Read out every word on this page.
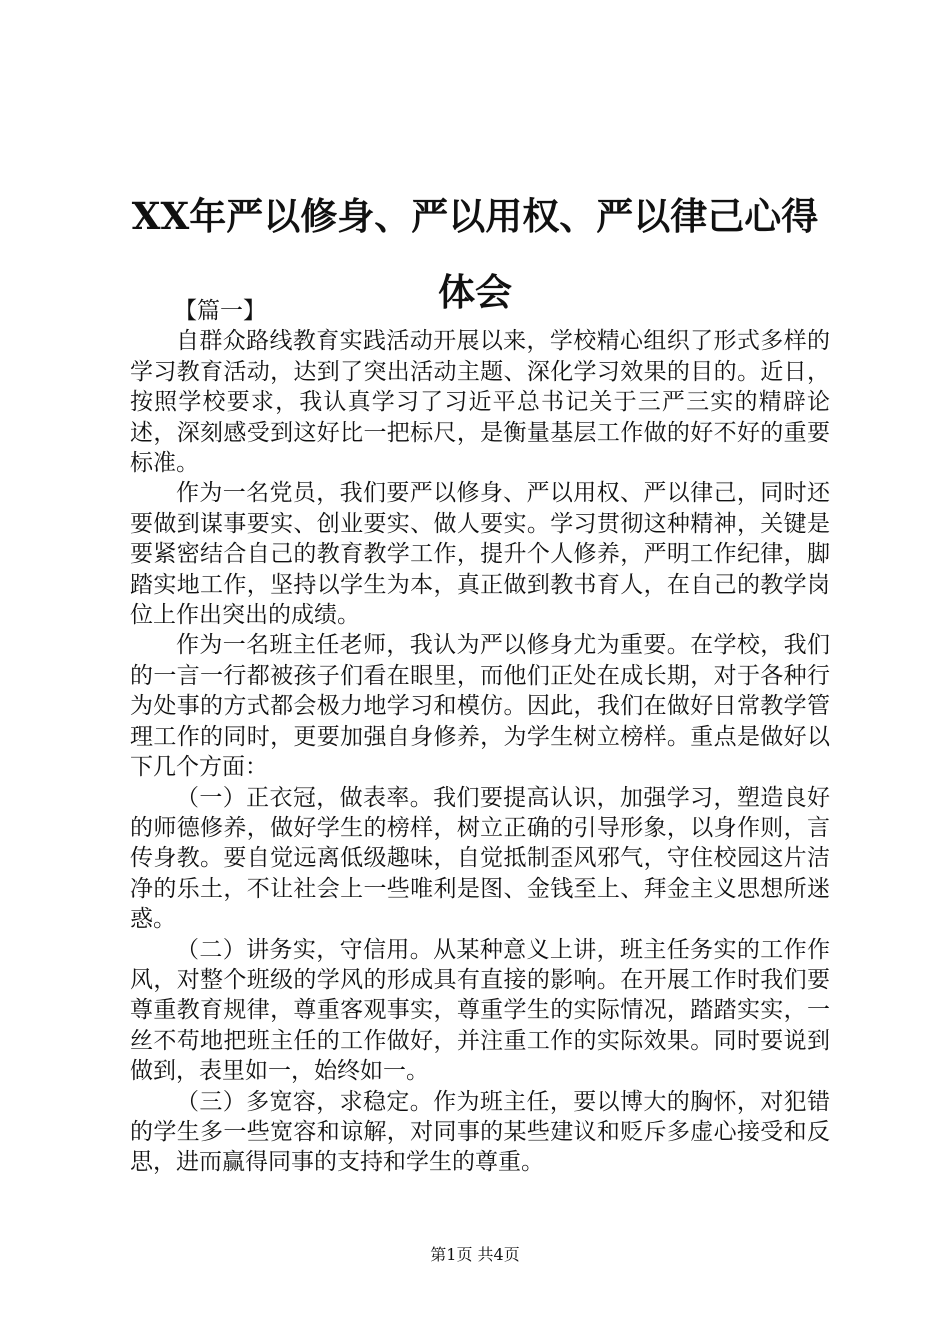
XX年严以修身、严以用权、严以律己心得体会

【篇一】

自群众路线教育实践活动开展以来，学校精心组织了形式多样的学习教育活动，达到了突出活动主题、深化学习效果的目的。近日，按照学校要求，我认真学习了习近平总书记关于三严三实的精辟论述，深刻感受到这好比一把标尺，是衡量基层工作做的好不好的重要标准。

作为一名党员，我们要严以修身、严以用权、严以律己，同时还要做到谋事要实、创业要实、做人要实。学习贯彻这种精神，关键是要紧密结合自己的教育教学工作，提升个人修养，严明工作纪律，脚踏实地工作，坚持以学生为本，真正做到教书育人，在自己的教学岗位上作出突出的成绩。

作为一名班主任老师，我认为严以修身尤为重要。在学校，我们的一言一行都被孩子们看在眼里，而他们正处在成长期，对于各种行为处事的方式都会极力地学习和模仿。因此，我们在做好日常教学管理工作的同时，更要加强自身修养，为学生树立榜样。重点是做好以下几个方面：

（一）正衣冠，做表率。我们要提高认识，加强学习，塑造良好的师德修养，做好学生的榜样，树立正确的引导形象，以身作则，言传身教。要自觉远离低级趣味，自觉抵制歪风邪气，守住校园这片洁净的乐土，不让社会上一些唯利是图、金钱至上、拜金主义思想所迷惑。

（二）讲务实，守信用。从某种意义上讲，班主任务实的工作作风，对整个班级的学风的形成具有直接的影响。在开展工作时我们要尊重教育规律，尊重客观事实，尊重学生的实际情况，踏踏实实，一丝不苟地把班主任的工作做好，并注重工作的实际效果。同时要说到做到，表里如一，始终如一。

（三）多宽容，求稳定。作为班主任，要以博大的胸怀，对犯错的学生多一些宽容和谅解，对同事的某些建议和贬斥多虚心接受和反思，进而赢得同事的支持和学生的尊重。

第1页 共4页
